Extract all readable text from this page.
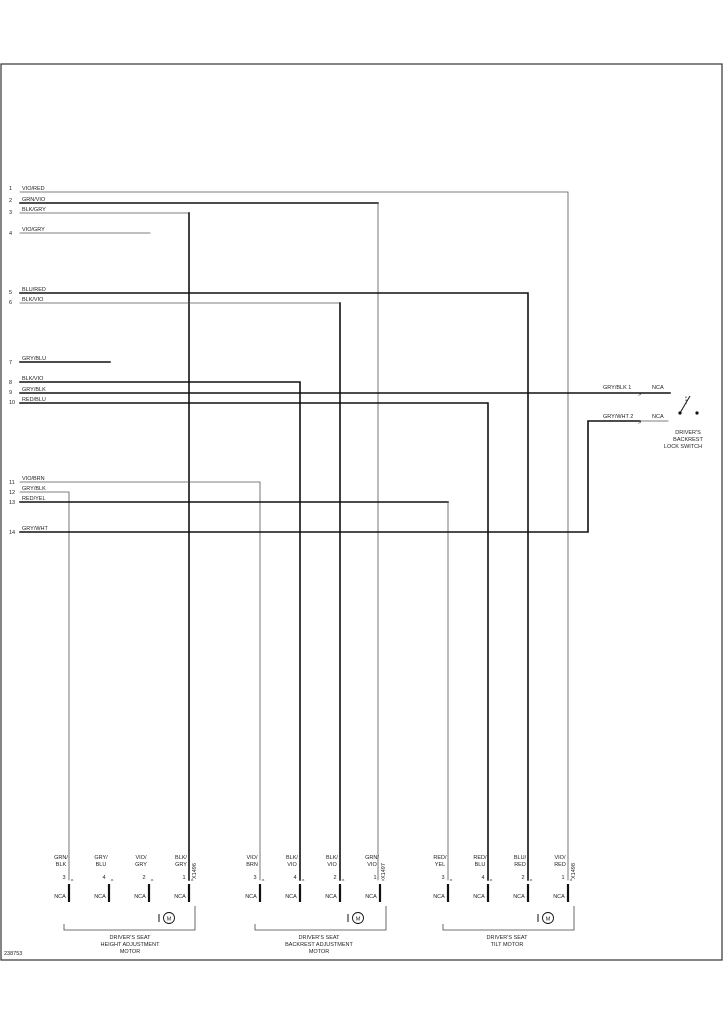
1 VIO/RED
2 GRN/VIO
3 BLK/GRY
4
VIO/GRY
5 BLU/RED
6 BLK/VIO
7
GRY/BLU
8
BLK/VIO
9 GRY/BLK
10 RED/BLU
11
VIO/BRN
12
GRY/BLK
13
RED/YEL
14
GRY/WHT
GRY/BLK 1	NCA
GRY/WHT 2	NCA
>
>
DRIVER'S
BACKREST
LOCK SWITCH
GRN/
BLK
3
^
NCA
GRY/
BLU
4
^
NCA
VIO/
GRY
2
^
NCA
BLK/
GRY
1
^
NCA
X1496
M
DRIVER'S SEAT
HEIGHT ADJUSTMENT
MOTOR
VIO/
BRN
3
^
NCA
BLK/
VIO
4
^
NCA
BLK/
VIO
2
^
NCA
GRN/
VIO
1
^
NCA
X1497
M
DRIVER'S SEAT
BACKREST ADJUSTMENT
MOTOR
RED/
YEL
3
^
NCA
RED/
BLU
4
^
NCA
BLU/
RED
2
^
NCA
VIO/
RED
1
^
NCA
X1498
M
DRIVER'S SEAT
TILT MOTOR
238753
